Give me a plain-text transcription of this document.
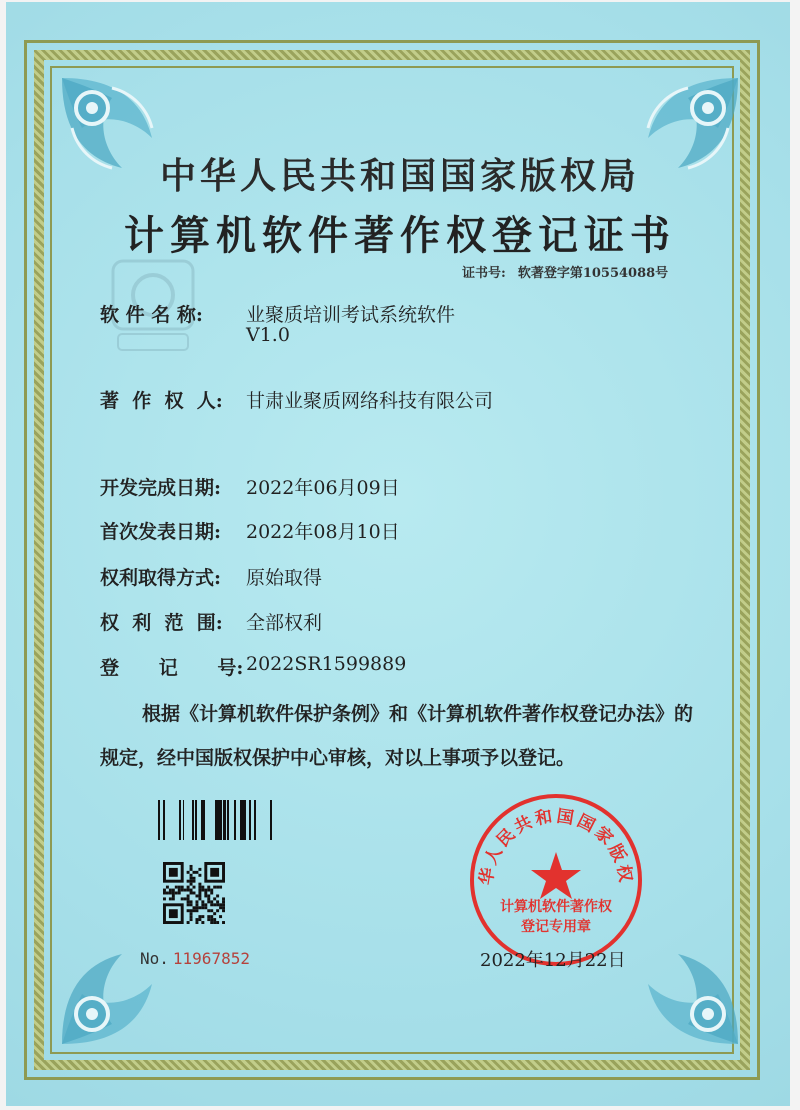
中华人民共和国国家版权局
计算机软件著作权登记证书
证书号: 软著登字第10554088号
软 件 名 称: 业聚质培训考试系统软件
V1.0
著  作  权  人: 甘肃业聚质网络科技有限公司
开发完成日期: 2022年06月09日
首次发表日期: 2022年08月10日
权利取得方式: 原始取得
权  利  范  围: 全部权利
登      记      号: 2022SR1599889
根据《计算机软件保护条例》和《计算机软件著作权登记办法》的
规定，经中国版权保护中心审核，对以上事项予以登记。
No. 11967852
华人民共和国国家版权
计算机软件著作权
登记专用章
2022年12月22日
